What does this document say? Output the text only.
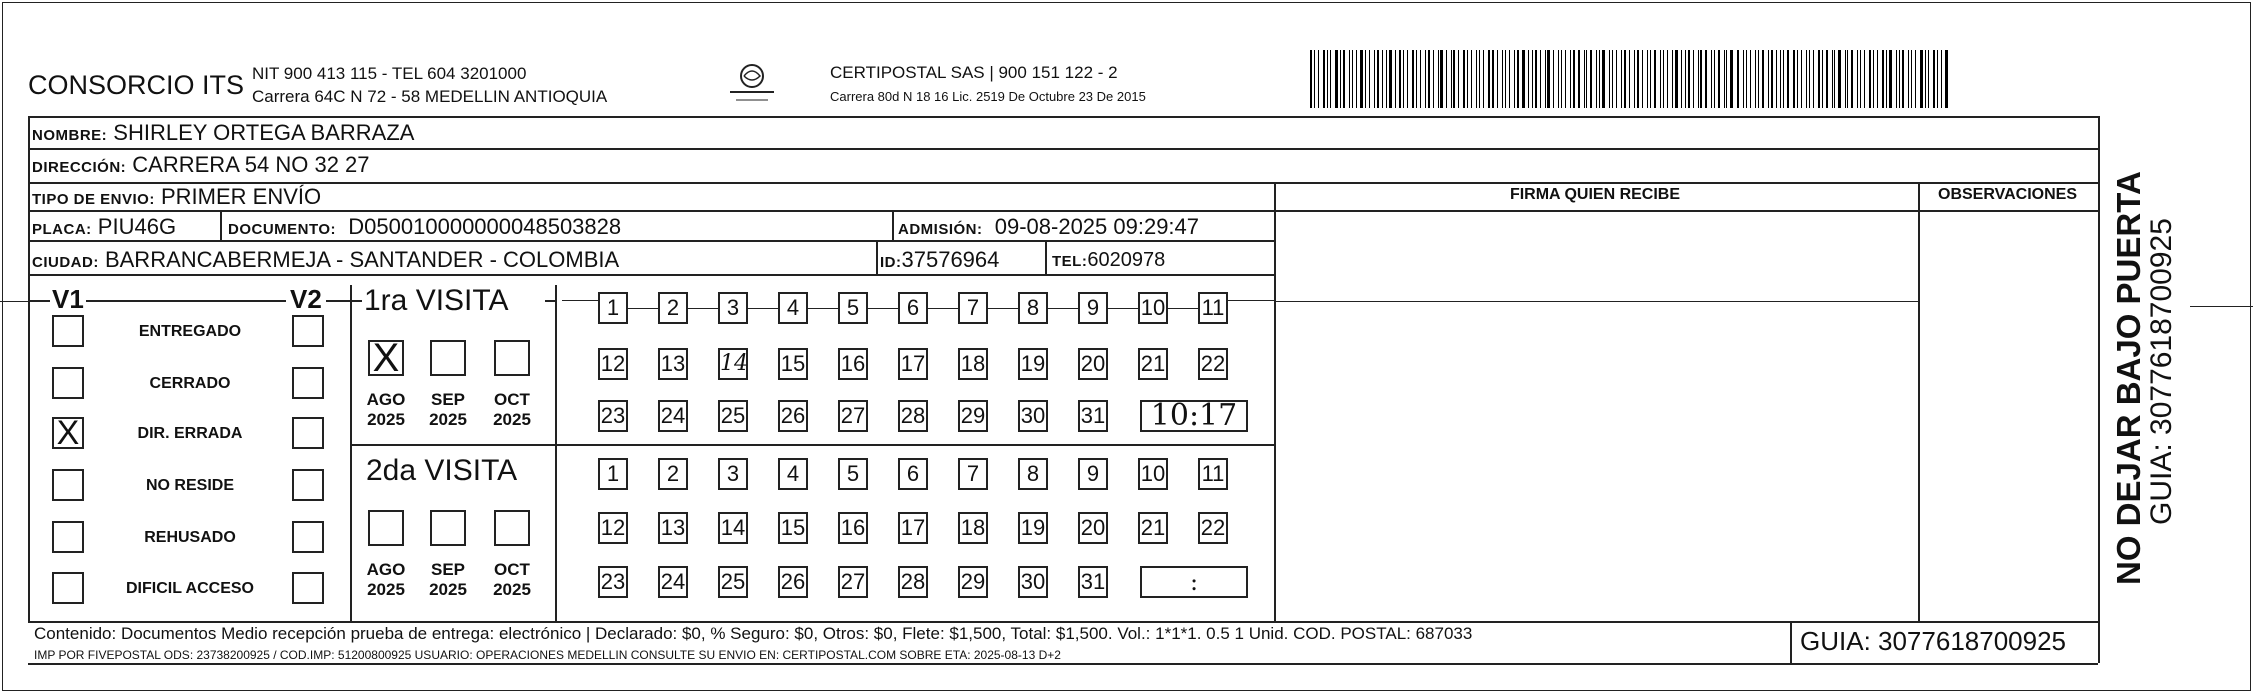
CONSORCIO ITS NIT 900 413 115 - TEL 604 3201000
Carrera 64C N 72 - 58 MEDELLIN ANTIOQUIA
CERTIPOSTAL SAS | 900 151 122 - 2
Carrera 80d N 18 16 Lic. 2519 De Octubre 23 De 2015
NOMBRE: SHIRLEY ORTEGA BARRAZA
DIRECCIÓN: CARRERA 54 NO 32 27
TIPO DE ENVIO: PRIMER ENVÍO	FIRMA QUIEN RECIBE	OBSERVACIONES
PLACA: PIU46G	DOCUMENTO: D050010000000048503828	ADMISIÓN: 09-08-2025 09:29:47
CIUDAD: BARRANCABERMEJA - SANTANDER - COLOMBIA	ID:37576964	TEL:6020978
V1	V2
ENTREGADO
CERRADO
X	DIR. ERRADA
NO RESIDE
REHUSADO
DIFICIL ACCESO
1ra VISITA
2da VISITA
X
AGO
2025
SEP
2025
OCT
2025
AGO
2025
SEP
2025
OCT
2025
1	2	3	4	5	6	7	8	9	10 11
12 13 14 15 16 17 18 19 20 21 22
23 24 25 26 27 28 29 30 31	10:17
1	2	3	4	5	6	7	8	9	10 11
12 13 14 15 16 17 18 19 20 21 22
23 24 25 26 27 28 29 30 31	:
Contenido: Documentos Medio recepción prueba de entrega: electrónico | Declarado: $0, % Seguro: $0, Otros: $0, Flete: $1,500, Total: $1,500. Vol.: 1*1*1. 0.5 1 Unid. COD. POSTAL: 687033
IMP POR FIVEPOSTAL ODS: 23738200925 / COD.IMP: 51200800925 USUARIO: OPERACIONES MEDELLIN CONSULTE SU ENVIO EN: CERTIPOSTAL.COM SOBRE ETA: 2025-08-13 D+2	GUIA: 3077618700925
NO DEJAR BAJO PUERTA
GUIA: 3077618700925
